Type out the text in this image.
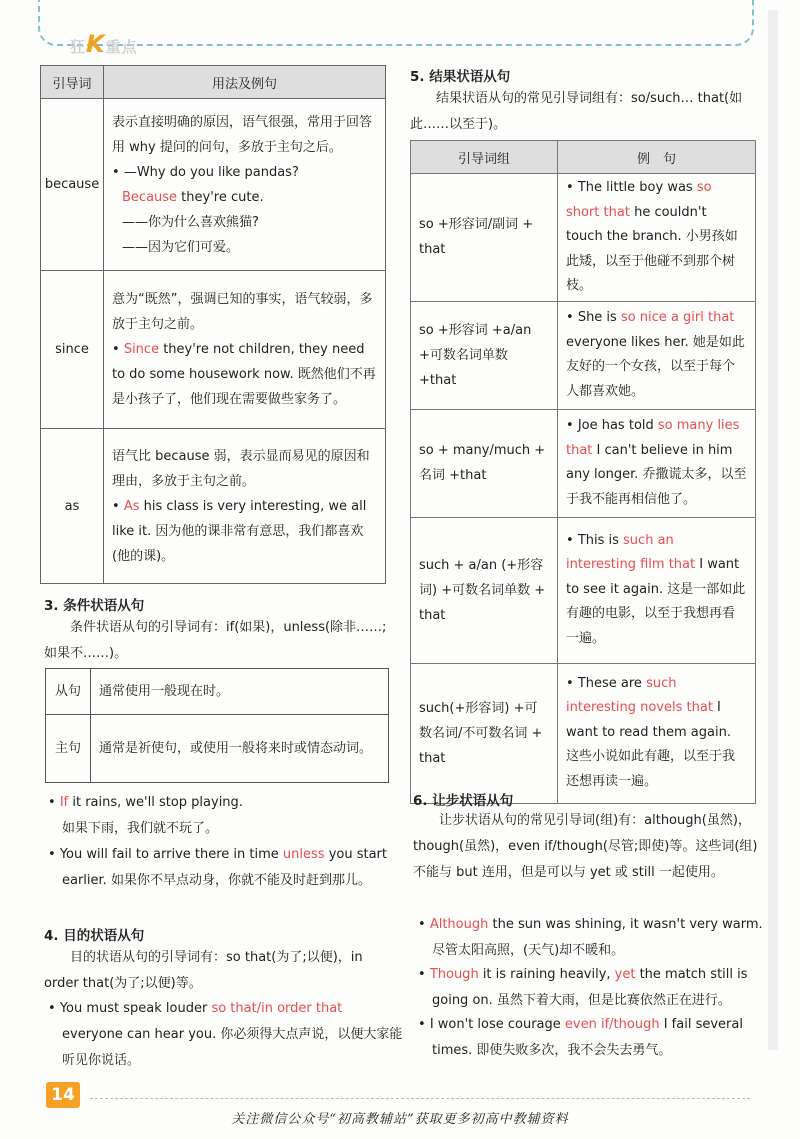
狂K重点
引导词	用法及例句
because	表示直接明确的原因，语气很强，常用于回答用 why 提问的问句，多放于主句之后。
• —Why do you like pandas?
Because they're cute.
——你为什么喜欢熊猫?
——因为它们可爱。

since	意为“既然”，强调已知的事实，语气较弱，多放于主句之前。
• Since they're not children, they need to do some housework now. 既然他们不再是小孩子了，他们现在需要做些家务了。

as	语气比 because 弱，表示显而易见的原因和理由，多放于主句之前。
• As his class is very interesting, we all like it. 因为他的课非常有意思，我们都喜欢(他的课)。
3. 条件状语从句
条件状语从句的引导词有：if(如果)，unless(除非……;如果不……)。
从句	通常使用一般现在时。
主句	通常是祈使句，或使用一般将来时或情态动词。
• If it rains, we'll stop playing.
如果下雨，我们就不玩了。
• You will fail to arrive there in time unless you start earlier. 如果你不早点动身，你就不能及时赶到那儿。
4. 目的状语从句
目的状语从句的引导词有：so that(为了;以便)，in order that(为了;以便)等。
• You must speak louder so that/in order that everyone can hear you. 你必须得大点声说，以便大家能听见你说话。
5. 结果状语从句
结果状语从句的常见引导词组有：so/such… that(如此……以至于)。
引导词组	例　句
so +形容词/副词 + that	• The little boy was so short that he couldn't touch the branch. 小男孩如此矮，以至于他碰不到那个树枝。
so +形容词 +a/an +可数名词单数 +that	• She is so nice a girl that everyone likes her. 她是如此友好的一个女孩，以至于每个人都喜欢她。
so + many/much + 名词 +that	• Joe has told so many lies that I can't believe in him any longer. 乔撒谎太多，以至于我不能再相信他了。
such + a/an (+形容词) +可数名词单数 + that	• This is such an interesting film that I want to see it again. 这是一部如此有趣的电影，以至于我想再看一遍。
such(+形容词) +可数名词/不可数名词 + that	• These are such interesting novels that I want to read them again. 这些小说如此有趣，以至于我还想再读一遍。
6. 让步状语从句
让步状语从句的常见引导词(组)有：although(虽然)，though(虽然)，even if/though(尽管;即使)等。这些词(组)不能与 but 连用，但是可以与 yet 或 still 一起使用。
• Although the sun was shining, it wasn't very warm. 尽管太阳高照，(天气)却不暖和。
• Though it is raining heavily, yet the match still is going on. 虽然下着大雨，但是比赛依然正在进行。
• I won't lose courage even if/though I fail several times. 即使失败多次，我不会失去勇气。
14
关注微信公众号“初高教辅站”获取更多初高中教辅资料
